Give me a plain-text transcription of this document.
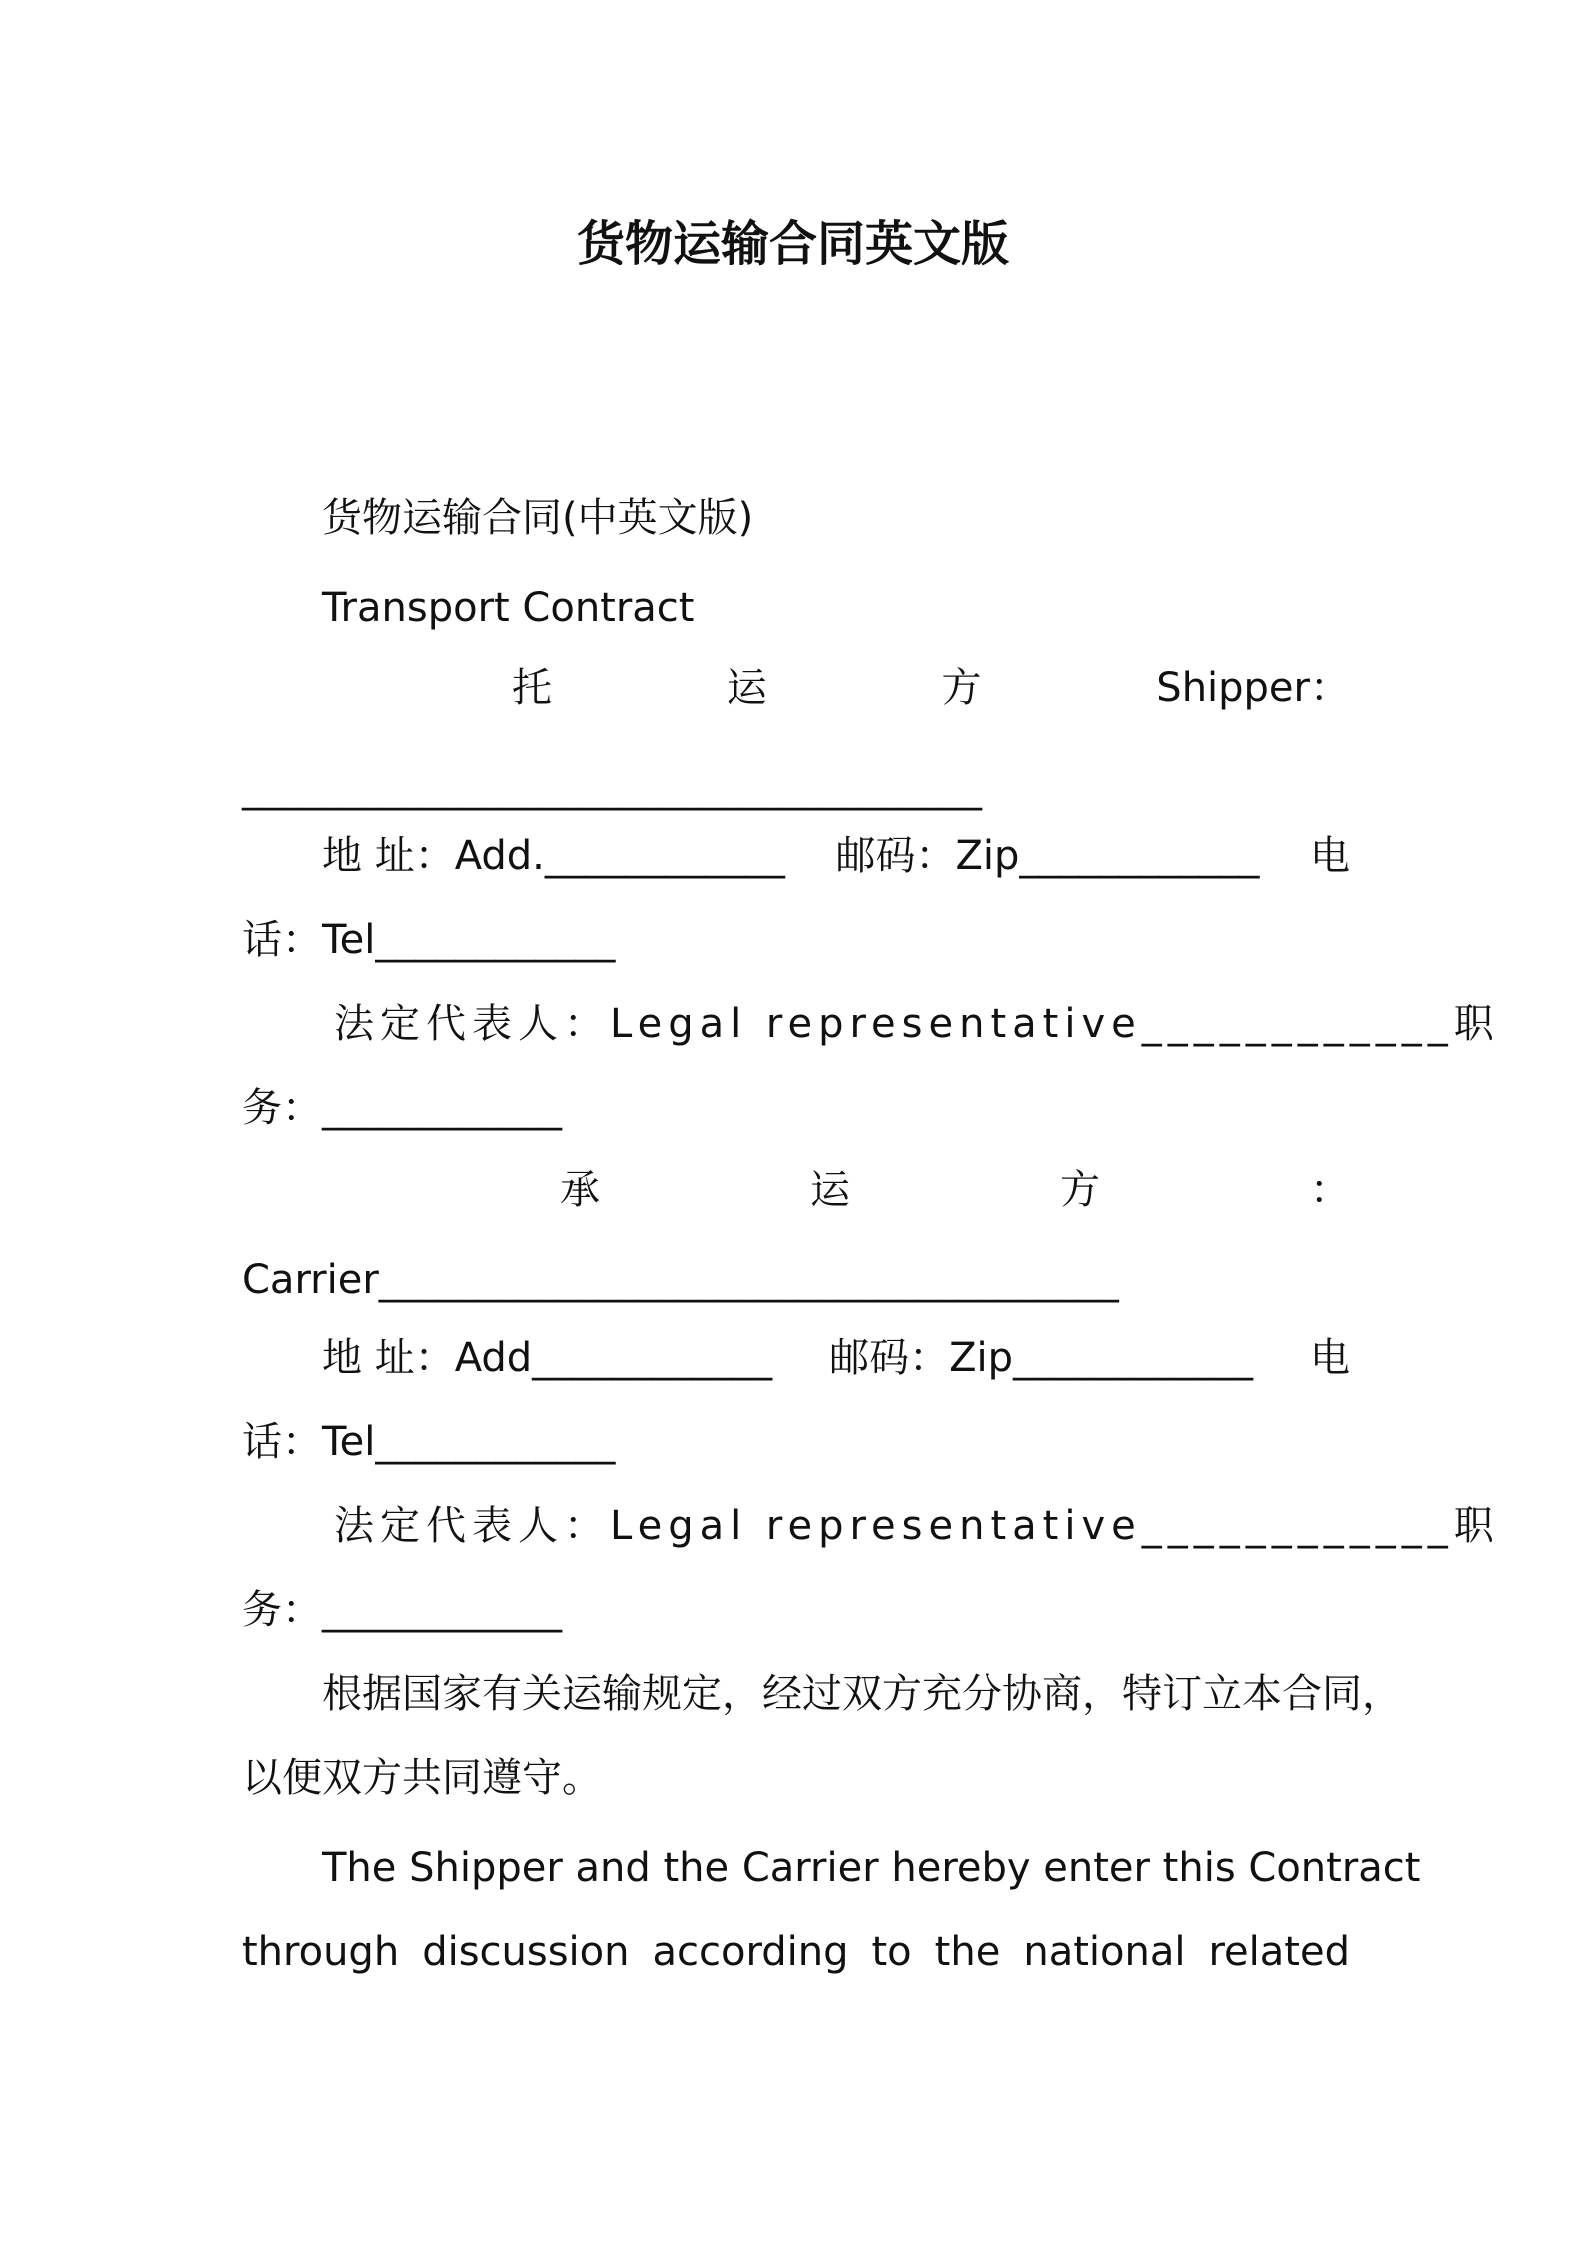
货物运输合同英文版
货物运输合同(中英文版)
Transport Contract
托	运	方	Shipper：
_____________________________________
地 址：Add.____________ 邮码：Zip____________ 电
话：Tel____________
法定代表人：Legal representative____________ 职
务：____________
承	运	方	：
Carrier_____________________________________
地 址：Add____________ 邮码：Zip____________ 电
话：Tel____________
法定代表人：Legal representative____________ 职
务：____________
根据国家有关运输规定，经过双方充分协商，特订立本合同，
以便双方共同遵守。
The Shipper and the Carrier hereby enter this Contract
through discussion according to the national related
